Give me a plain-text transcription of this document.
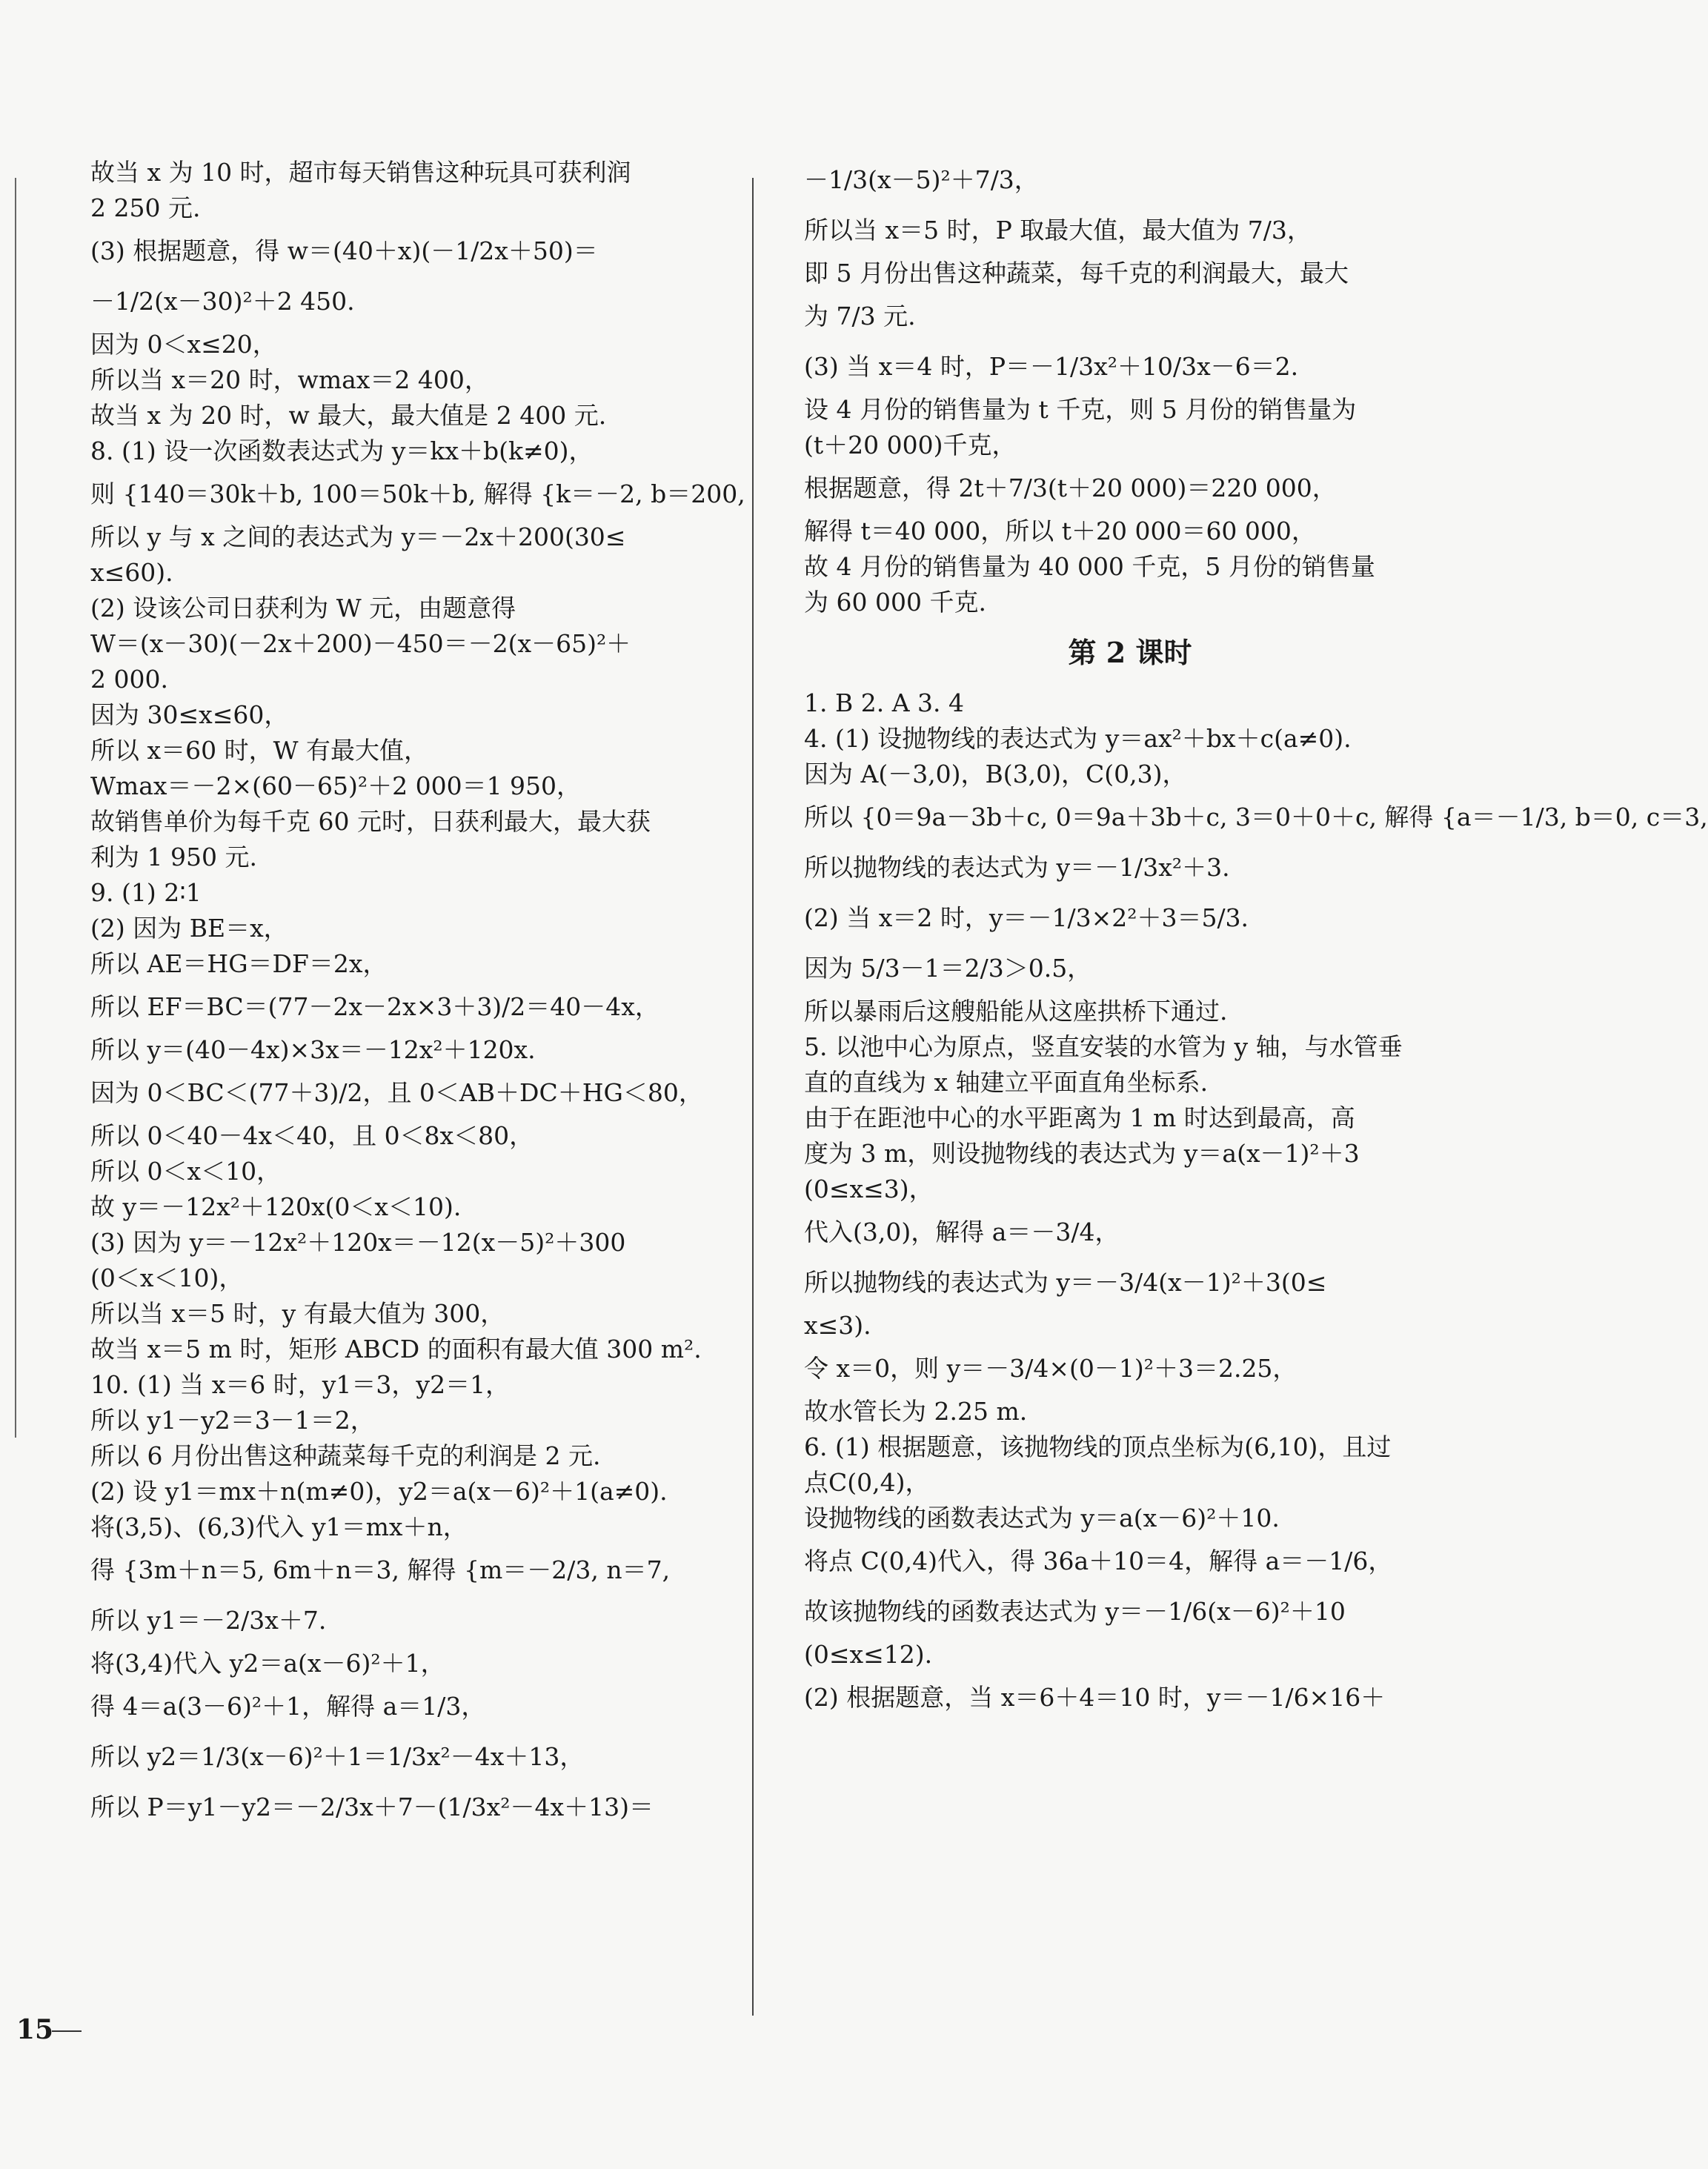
故当 x 为 10 时，超市每天销售这种玩具可获利润
2 250 元.
(3) 根据题意，得 w＝(40＋x)(－1/2x＋50)＝
－1/2(x－30)²＋2 450.
因为 0＜x≤20，
所以当 x＝20 时，wmax＝2 400，
故当 x 为 20 时，w 最大，最大值是 2 400 元.
8. (1) 设一次函数表达式为 y＝kx＋b(k≠0)，
则 {140＝30k＋b, 100＝50k＋b, 解得 {k＝－2, b＝200,
所以 y 与 x 之间的表达式为 y＝－2x＋200(30≤
x≤60).
(2) 设该公司日获利为 W 元，由题意得
W＝(x－30)(－2x＋200)－450＝－2(x－65)²＋
2 000.
因为 30≤x≤60，
所以 x＝60 时，W 有最大值，
Wmax＝－2×(60－65)²＋2 000＝1 950，
故销售单价为每千克 60 元时，日获利最大，最大获
利为 1 950 元.
9. (1) 2∶1
(2) 因为 BE＝x，
所以 AE＝HG＝DF＝2x，
所以 EF＝BC＝(77－2x－2x×3＋3)/2＝40－4x，
所以 y＝(40－4x)×3x＝－12x²＋120x.
因为 0＜BC＜(77＋3)/2，且 0＜AB＋DC＋HG＜80，
所以 0＜40－4x＜40，且 0＜8x＜80，
所以 0＜x＜10，
故 y＝－12x²＋120x(0＜x＜10).
(3) 因为 y＝－12x²＋120x＝－12(x－5)²＋300
(0＜x＜10)，
所以当 x＝5 时，y 有最大值为 300，
故当 x＝5 m 时，矩形 ABCD 的面积有最大值 300 m².
10. (1) 当 x＝6 时，y1＝3，y2＝1，
所以 y1－y2＝3－1＝2，
所以 6 月份出售这种蔬菜每千克的利润是 2 元.
(2) 设 y1＝mx＋n(m≠0)，y2＝a(x－6)²＋1(a≠0).
将(3,5)、(6,3)代入 y1＝mx＋n，
得 {3m＋n＝5, 6m＋n＝3, 解得 {m＝－2/3, n＝7,
所以 y1＝－2/3x＋7.
将(3,4)代入 y2＝a(x－6)²＋1，
得 4＝a(3－6)²＋1，解得 a＝1/3，
所以 y2＝1/3(x－6)²＋1＝1/3x²－4x＋13，
所以 P＝y1－y2＝－2/3x＋7－(1/3x²－4x＋13)＝
－1/3(x－5)²＋7/3，
所以当 x＝5 时，P 取最大值，最大值为 7/3，
即 5 月份出售这种蔬菜，每千克的利润最大，最大
为 7/3 元.
(3) 当 x＝4 时，P＝－1/3x²＋10/3x－6＝2.
设 4 月份的销售量为 t 千克，则 5 月份的销售量为
(t＋20 000)千克，
根据题意，得 2t＋7/3(t＋20 000)＝220 000，
解得 t＝40 000，所以 t＋20 000＝60 000，
故 4 月份的销售量为 40 000 千克，5 月份的销售量
为 60 000 千克.
第 2 课时
1. B 2. A 3. 4
4. (1) 设抛物线的表达式为 y＝ax²＋bx＋c(a≠0).
因为 A(－3,0)，B(3,0)，C(0,3)，
所以 {0＝9a－3b＋c, 0＝9a＋3b＋c, 3＝0＋0＋c, 解得 {a＝－1/3, b＝0, c＝3,
所以抛物线的表达式为 y＝－1/3x²＋3.
(2) 当 x＝2 时，y＝－1/3×2²＋3＝5/3.
因为 5/3－1＝2/3＞0.5，
所以暴雨后这艘船能从这座拱桥下通过.
5. 以池中心为原点，竖直安装的水管为 y 轴，与水管垂
直的直线为 x 轴建立平面直角坐标系.
由于在距池中心的水平距离为 1 m 时达到最高，高
度为 3 m，则设抛物线的表达式为 y＝a(x－1)²＋3
(0≤x≤3)，
代入(3,0)，解得 a＝－3/4，
所以抛物线的表达式为 y＝－3/4(x－1)²＋3(0≤
x≤3).
令 x＝0，则 y＝－3/4×(0－1)²＋3＝2.25，
故水管长为 2.25 m.
6. (1) 根据题意，该抛物线的顶点坐标为(6,10)，且过
点C(0,4)，
设抛物线的函数表达式为 y＝a(x－6)²＋10.
将点 C(0,4)代入，得 36a＋10＝4，解得 a＝－1/6，
故该抛物线的函数表达式为 y＝－1/6(x－6)²＋10
(0≤x≤12).
(2) 根据题意，当 x＝6＋4＝10 时，y＝－1/6×16＋
15
